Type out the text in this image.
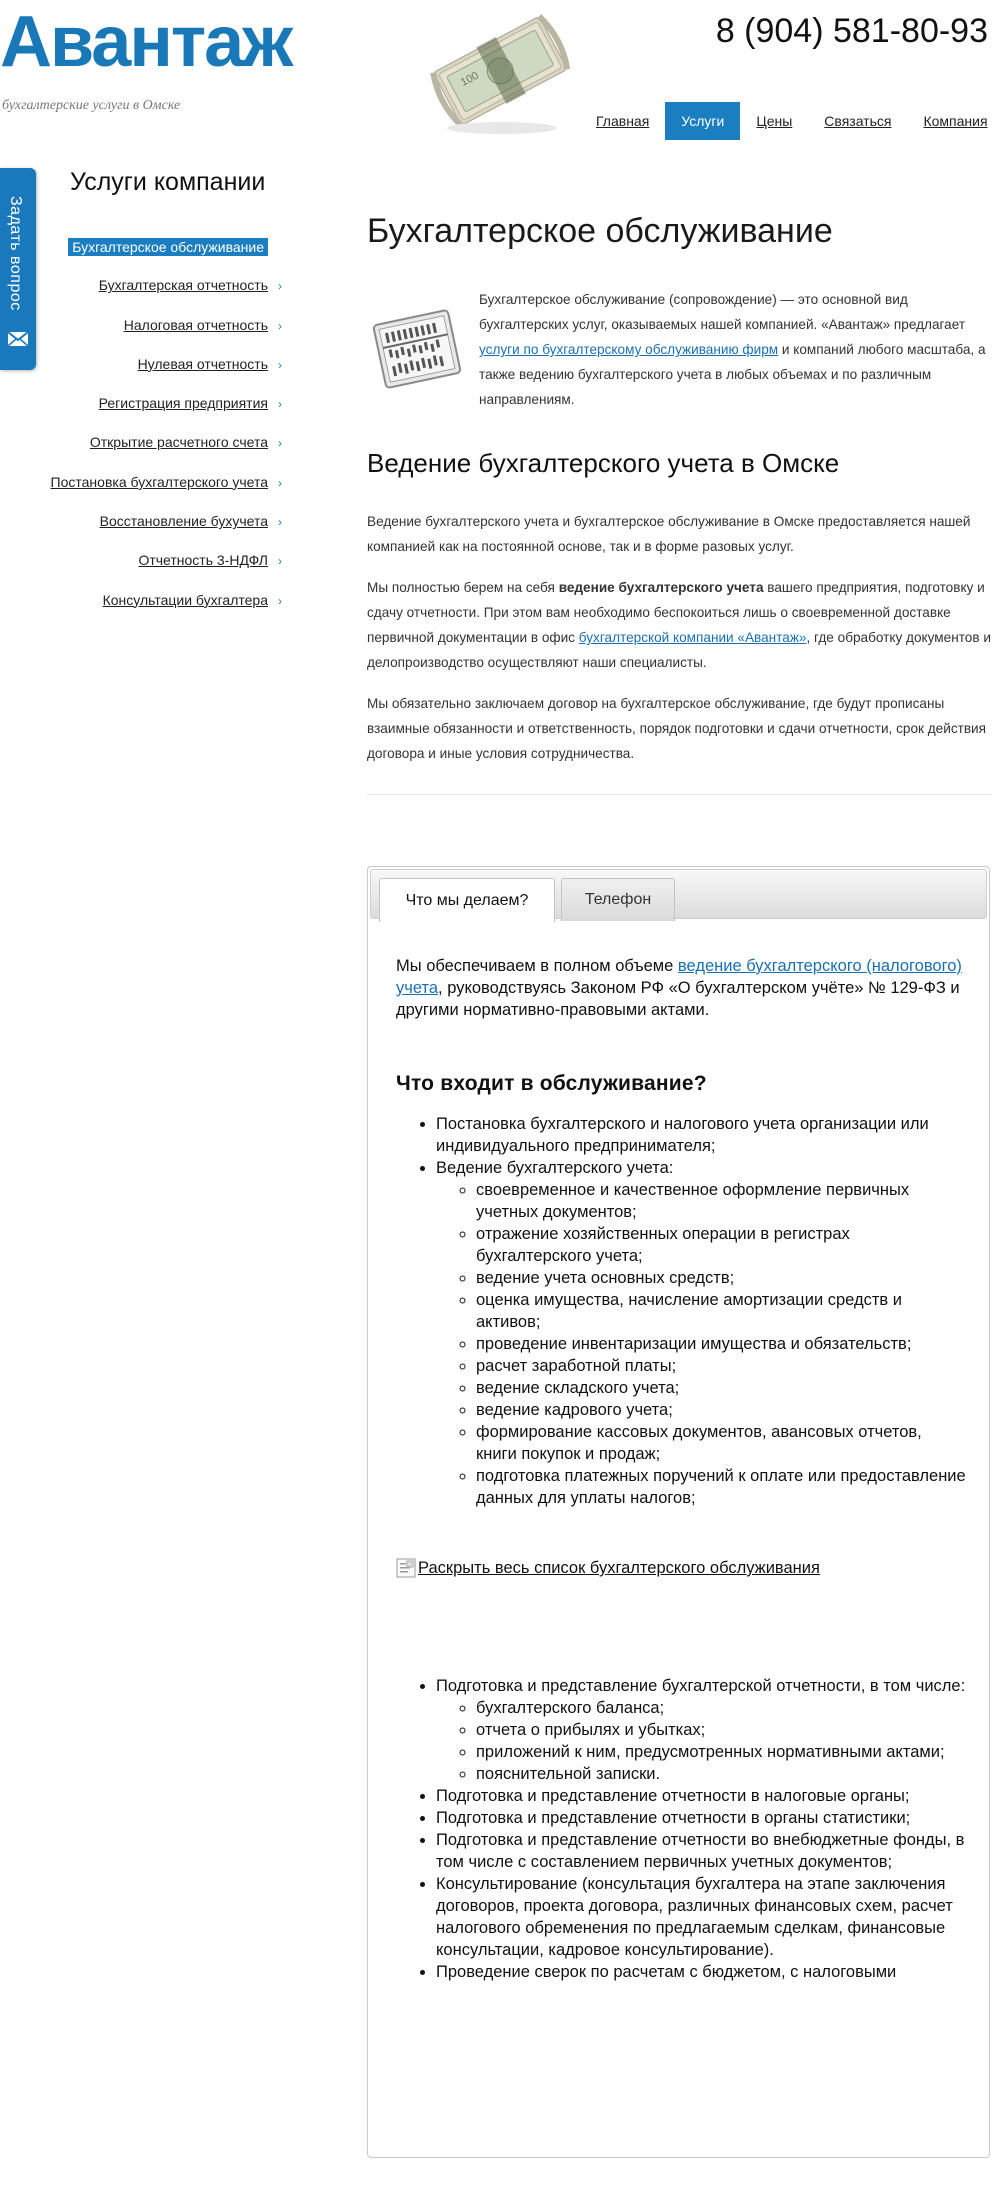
Авантаж
бухгалтерские услуги в Омске
100
8 (904) 581-80-93
Главная	Услуги	Цены	Связаться	Компания
Задать вопрос
Услуги компании
Бухгалтерское обслуживание
Бухгалтерская отчетность ›
Налоговая отчетность ›
Нулевая отчетность ›
Регистрация предприятия ›
Открытие расчетного счета ›
Постановка бухгалтерского учета ›
Восстановление бухучета ›
Отчетность 3-НДФЛ ›
Консультации бухгалтера ›
Бухгалтерское обслуживание

Бухгалтерское обслуживание (сопровождение) — это основной вид бухгалтерских услуг, оказываемых нашей компанией. «Авантаж» предлагает услуги по бухгалтерскому обслуживанию фирм и компаний любого масштаба, а также ведению бухгалтерского учета в любых объемах и по различным направлениям.

Ведение бухгалтерского учета в Омске

Ведение бухгалтерского учета и бухгалтерское обслуживание в Омске предоставляется нашей компанией как на постоянной основе, так и в форме разовых услуг.

Мы полностью берем на себя ведение бухгалтерского учета вашего предприятия, подготовку и сдачу отчетности. При этом вам необходимо беспокоиться лишь о своевременной доставке первичной документации в офис бухгалтерской компании «Авантаж», где обработку документов и делопроизводство осуществляют наши специалисты.

Мы обязательно заключаем договор на бухгалтерское обслуживание, где будут прописаны взаимные обязанности и ответственность, порядок подготовки и сдачи отчетности, срок действия договора и иные условия сотрудничества.

Что мы делаем?	Телефон

Мы обеспечиваем в полном объеме ведение бухгалтерского (налогового) учета, руководствуясь Законом РФ «О бухгалтерском учёте» № 129-ФЗ и другими нормативно-правовыми актами.

Что входит в обслуживание?
• Постановка бухгалтерского и налогового учета организации или индивидуального предпринимателя;
• Ведение бухгалтерского учета:
◦ своевременное и качественное оформление первичных учетных документов;
◦ отражение хозяйственных операции в регистрах бухгалтерского учета;
◦ ведение учета основных средств;
◦ оценка имущества, начисление амортизации средств и активов;
◦ проведение инвентаризации имущества и обязательств;
◦ расчет заработной платы;
◦ ведение складского учета;
◦ ведение кадрового учета;
◦ формирование кассовых документов, авансовых отчетов, книги покупок и продаж;
◦ подготовка платежных поручений к оплате или предоставление данных для уплаты налогов;
Раскрыть весь список бухгалтерского обслуживания
• Подготовка и представление бухгалтерской отчетности, в том числе:
◦ бухгалтерского баланса;
◦ отчета о прибылях и убытках;
◦ приложений к ним, предусмотренных нормативными актами;
◦ пояснительной записки.
• Подготовка и представление отчетности в налоговые органы;
• Подготовка и представление отчетности в органы статистики;
• Подготовка и представление отчетности во внебюджетные фонды, в том числе с составлением первичных учетных документов;
• Консультирование (консультация бухгалтера на этапе заключения договоров, проекта договора, различных финансовых схем, расчет налогового обременения по предлагаемым сделкам, финансовые консультации, кадровое консультирование).
• Проведение сверок по расчетам с бюджетом, с налоговыми
